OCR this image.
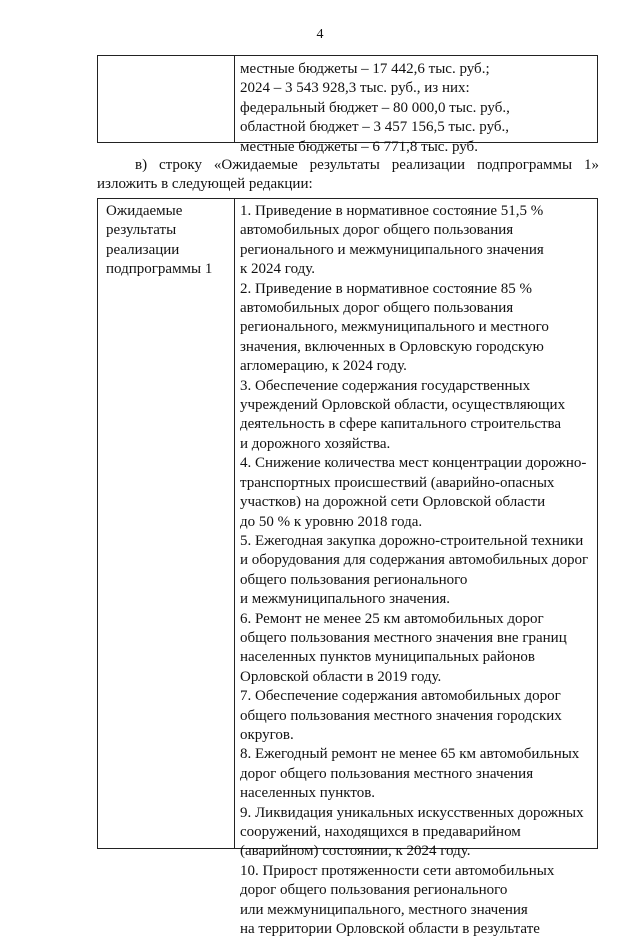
4
местные бюджеты – 17 442,6 тыс. руб.;
2024 – 3 543 928,3 тыс. руб., из них:
федеральный бюджет – 80 000,0 тыс. руб.,
областной бюджет – 3 457 156,5 тыс. руб.,
местные бюджеты – 6 771,8 тыс. руб.
в) строку «Ожидаемые результаты реализации подпрограммы 1»
изложить в следующей редакции:
Ожидаемые
результаты
реализации
подпрограммы 1
1. Приведение в нормативное состояние 51,5 %
автомобильных дорог общего пользования
регионального и межмуниципального значения
к 2024 году.
2. Приведение в нормативное состояние 85 %
автомобильных дорог общего пользования
регионального, межмуниципального и местного
значения, включенных в Орловскую городскую
агломерацию, к 2024 году.
3. Обеспечение содержания государственных
учреждений Орловской области, осуществляющих
деятельность в сфере капитального строительства
и дорожного хозяйства.
4. Снижение количества мест концентрации дорожно-
транспортных происшествий (аварийно-опасных
участков) на дорожной сети Орловской области
до 50 % к уровню 2018 года.
5. Ежегодная закупка дорожно-строительной техники
и оборудования для содержания автомобильных дорог
общего пользования регионального
и межмуниципального значения.
6. Ремонт не менее 25 км автомобильных дорог
общего пользования местного значения вне границ
населенных пунктов муниципальных районов
Орловской области в 2019 году.
7. Обеспечение содержания автомобильных дорог
общего пользования местного значения городских
округов.
8. Ежегодный ремонт не менее 65 км автомобильных
дорог общего пользования местного значения
населенных пунктов.
9. Ликвидация уникальных искусственных дорожных
сооружений, находящихся в предаварийном
(аварийном) состоянии, к 2024 году.
10. Прирост протяженности сети автомобильных
дорог общего пользования регионального
или межмуниципального, местного значения
на территории Орловской области в результате
